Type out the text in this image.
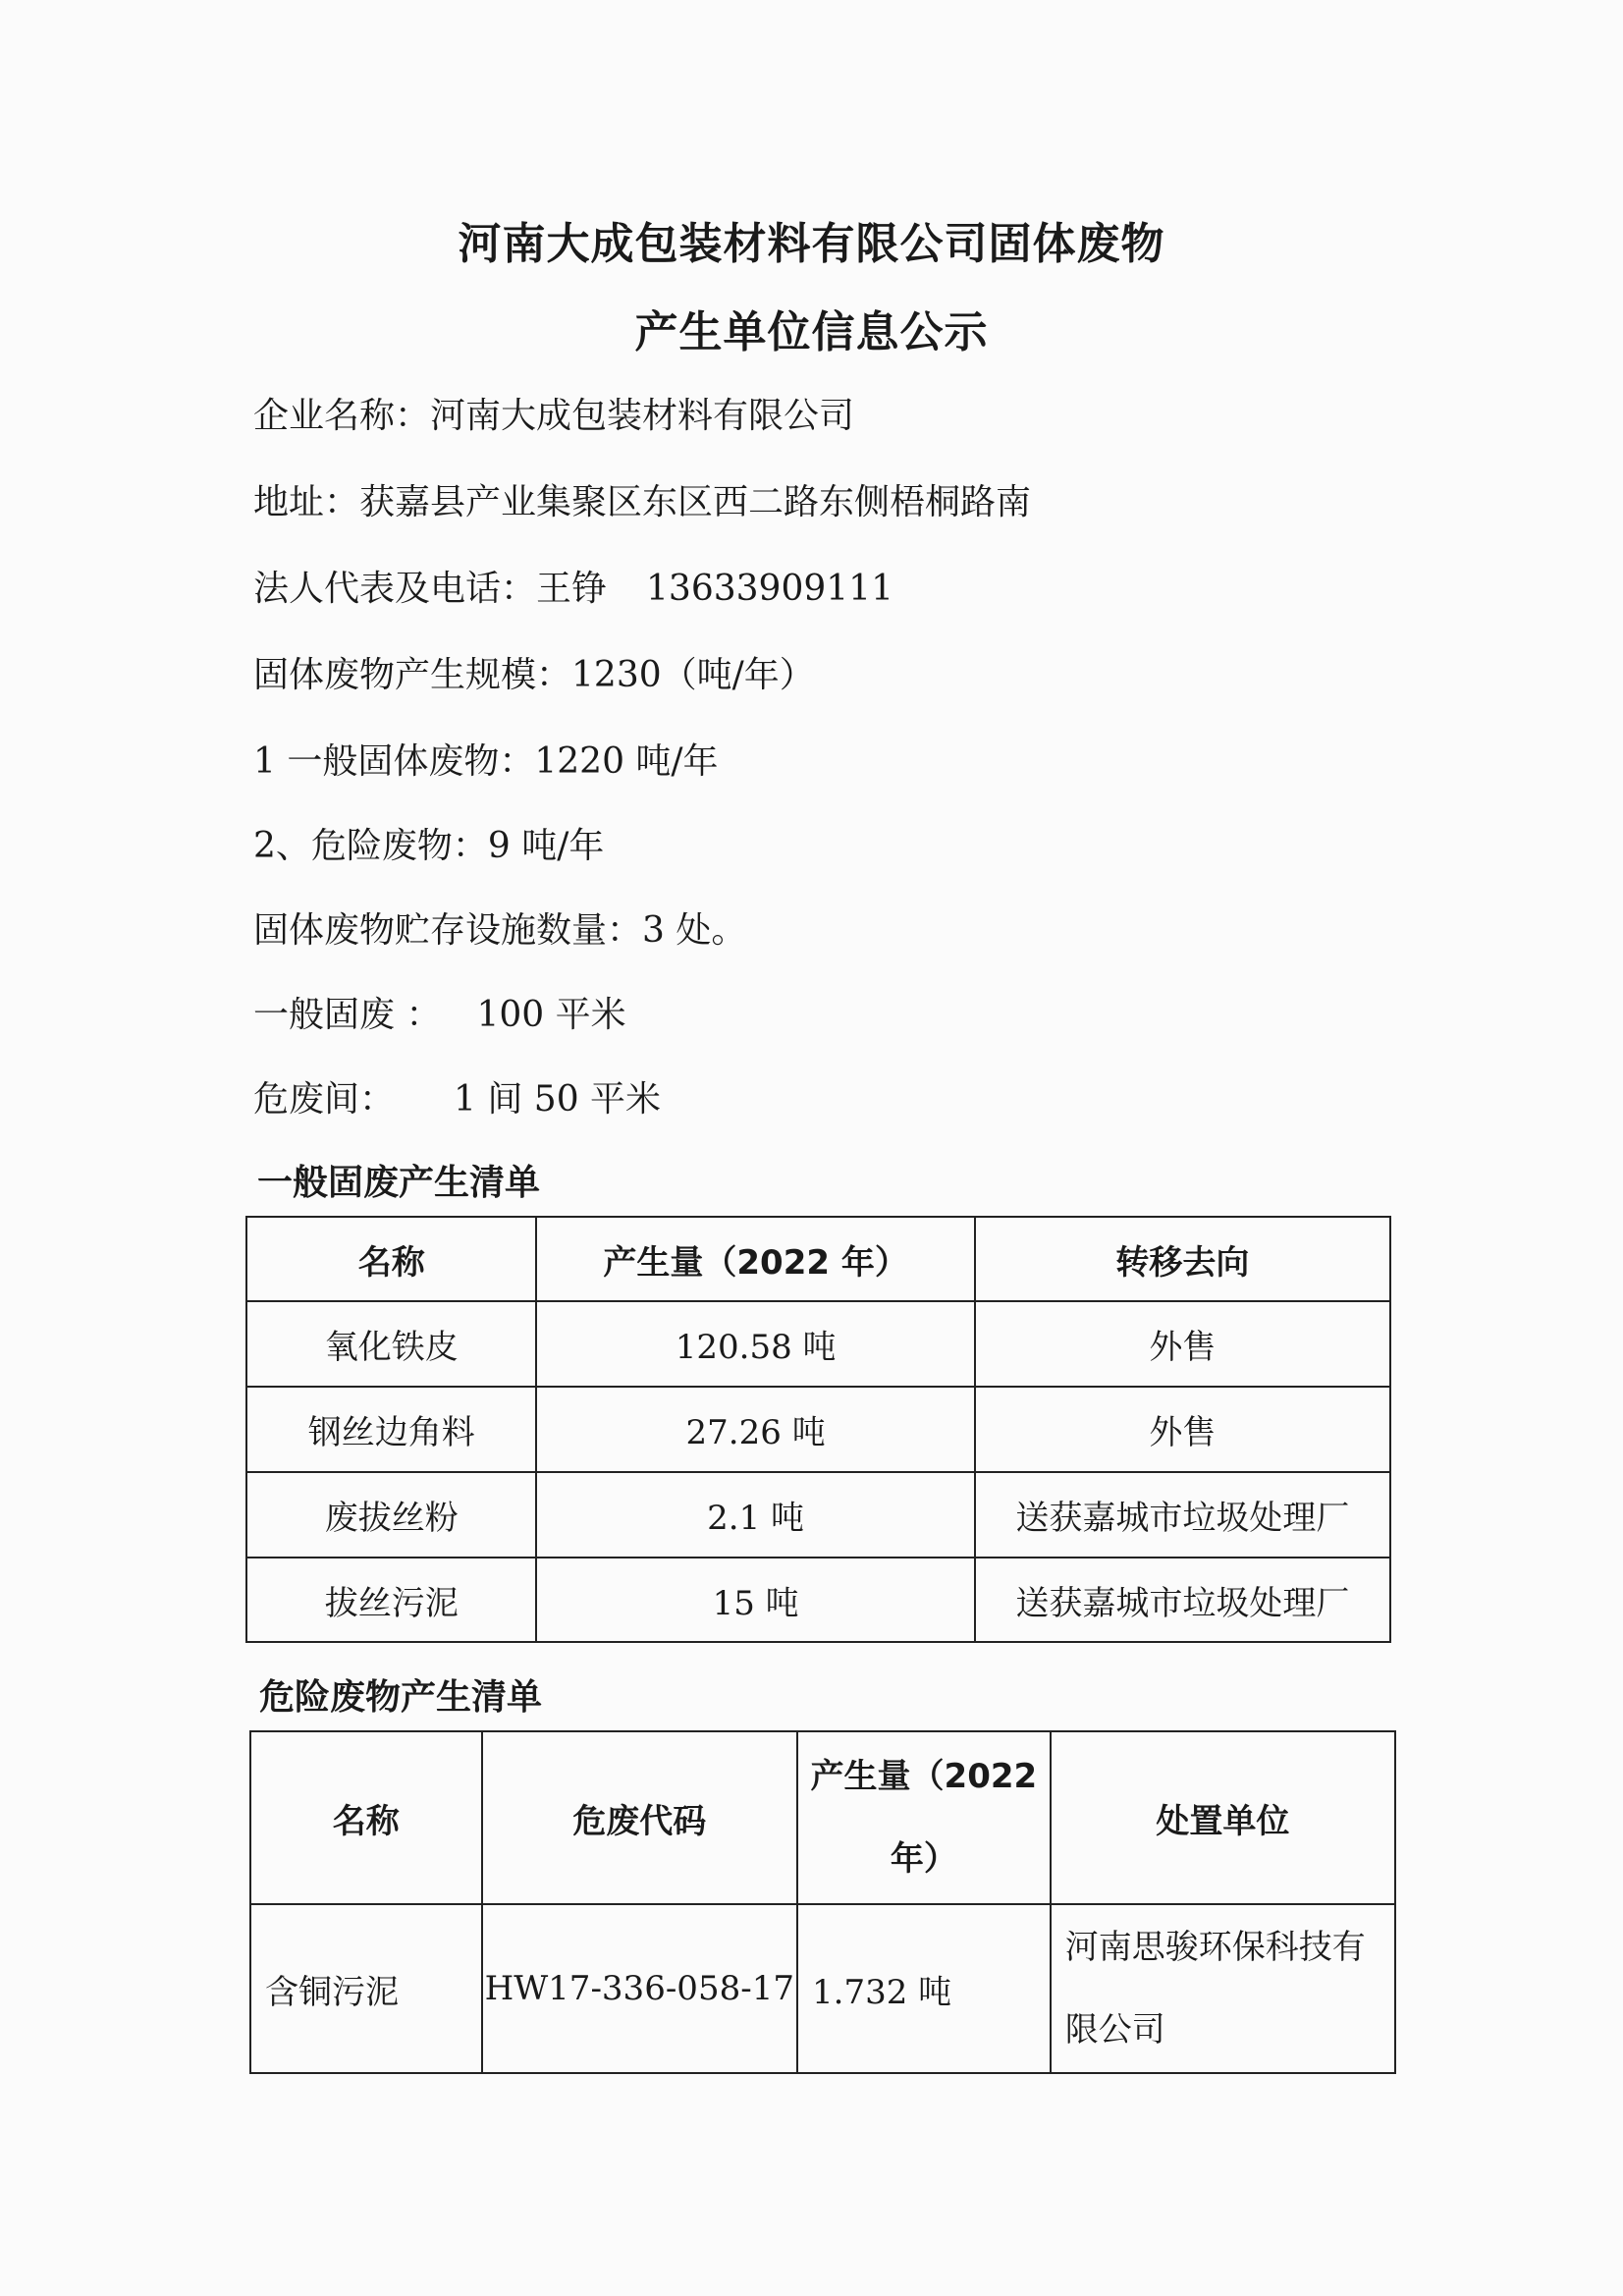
河南大成包装材料有限公司固体废物
产生单位信息公示
企业名称：河南大成包装材料有限公司
地址：获嘉县产业集聚区东区西二路东侧梧桐路南
法人代表及电话：王铮 13633909111
固体废物产生规模：1230（吨/年）
1 一般固体废物：1220 吨/年
2、危险废物：9 吨/年
固体废物贮存设施数量：3 处。
一般固废 ： 100 平米
危废间： 1 间 50 平米
一般固废产生清单
名称	产生量（2022 年）	转移去向
氧化铁皮	120.58 吨	外售
钢丝边角料	27.26 吨	外售
废拔丝粉	2.1 吨	送获嘉城市垃圾处理厂
拔丝污泥	15 吨	送获嘉城市垃圾处理厂
危险废物产生清单
名称	危废代码	产生量（2022 年）	处置单位
含铜污泥	HW17-336-058-17	1.732 吨	河南思骏环保科技有限公司
